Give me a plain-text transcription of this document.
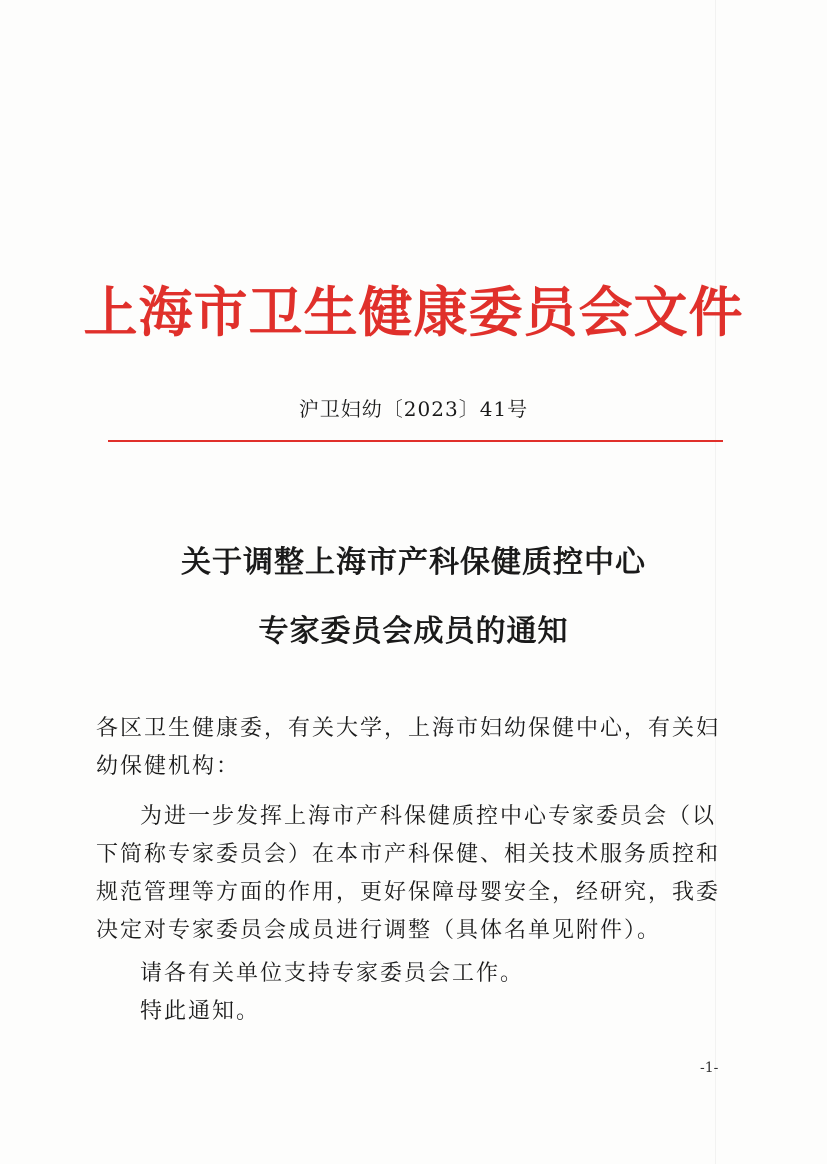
上海市卫生健康委员会文件
沪卫妇幼〔2023〕41号
关于调整上海市产科保健质控中心
专家委员会成员的通知
各区卫生健康委，有关大学，上海市妇幼保健中心，有关妇幼保健机构：
为进一步发挥上海市产科保健质控中心专家委员会（以下简称专家委员会）在本市产科保健、相关技术服务质控和规范管理等方面的作用，更好保障母婴安全，经研究，我委决定对专家委员会成员进行调整（具体名单见附件）。
请各有关单位支持专家委员会工作。
特此通知。
-1-
